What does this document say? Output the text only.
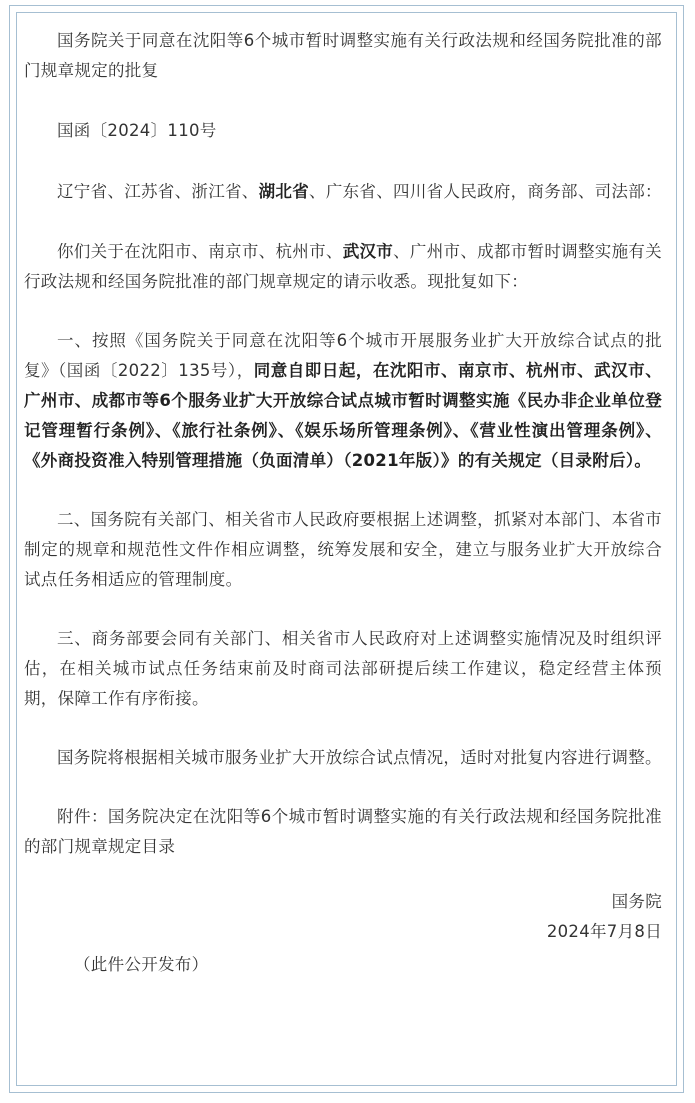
国务院关于同意在沈阳等6个城市暂时调整实施有关行政法规和经国务院批准的部门规章规定的批复

国函〔2024〕110号

辽宁省、江苏省、浙江省、湖北省、广东省、四川省人民政府，商务部、司法部：

你们关于在沈阳市、南京市、杭州市、武汉市、广州市、成都市暂时调整实施有关行政法规和经国务院批准的部门规章规定的请示收悉。现批复如下：

一、按照《国务院关于同意在沈阳等6个城市开展服务业扩大开放综合试点的批复》（国函〔2022〕135号），同意自即日起，在沈阳市、南京市、杭州市、武汉市、广州市、成都市等6个服务业扩大开放综合试点城市暂时调整实施《民办非企业单位登记管理暂行条例》、《旅行社条例》、《娱乐场所管理条例》、《营业性演出管理条例》、《外商投资准入特别管理措施（负面清单）（2021年版）》的有关规定（目录附后）。

二、国务院有关部门、相关省市人民政府要根据上述调整，抓紧对本部门、本省市制定的规章和规范性文件作相应调整，统筹发展和安全，建立与服务业扩大开放综合试点任务相适应的管理制度。

三、商务部要会同有关部门、相关省市人民政府对上述调整实施情况及时组织评估，在相关城市试点任务结束前及时商司法部研提后续工作建议，稳定经营主体预期，保障工作有序衔接。

国务院将根据相关城市服务业扩大开放综合试点情况，适时对批复内容进行调整。

附件：国务院决定在沈阳等6个城市暂时调整实施的有关行政法规和经国务院批准的部门规章规定目录

国务院
2024年7月8日
（此件公开发布）
